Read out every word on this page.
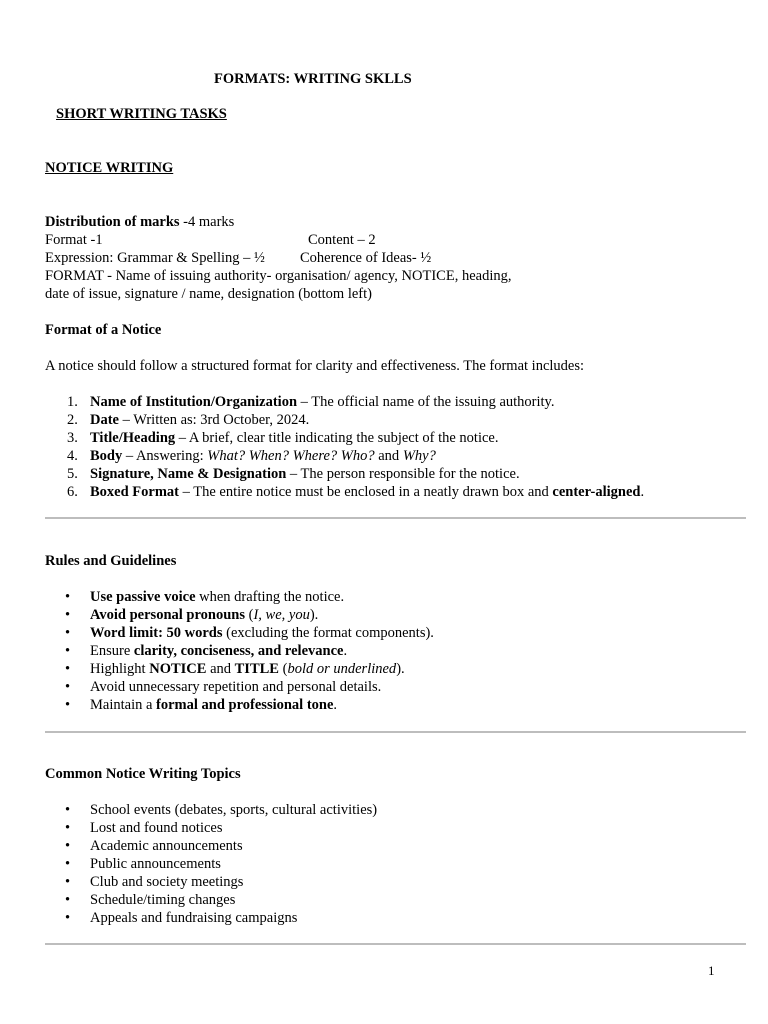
FORMATS: WRITING SKLLS
SHORT WRITING TASKS
NOTICE WRITING
Distribution of marks -4 marks
Format -1	Content – 2
Expression: Grammar & Spelling – ½ Coherence of Ideas- ½
FORMAT - Name of issuing authority- organisation/ agency, NOTICE, heading,
date of issue, signature / name, designation (bottom left)
Format of a Notice
A notice should follow a structured format for clarity and effectiveness. The format includes:
1. Name of Institution/Organization – The official name of the issuing authority.
2. Date – Written as: 3rd October, 2024.
3. Title/Heading – A brief, clear title indicating the subject of the notice.
4. Body – Answering: What? When? Where? Who? and Why?
5. Signature, Name & Designation – The person responsible for the notice.
6. Boxed Format – The entire notice must be enclosed in a neatly drawn box and center-aligned.
Rules and Guidelines
• Use passive voice when drafting the notice.
• Avoid personal pronouns (I, we, you).
• Word limit: 50 words (excluding the format components).
• Ensure clarity, conciseness, and relevance.
• Highlight NOTICE and TITLE (bold or underlined).
• Avoid unnecessary repetition and personal details.
• Maintain a formal and professional tone.
Common Notice Writing Topics
• School events (debates, sports, cultural activities)
• Lost and found notices
• Academic announcements
• Public announcements
• Club and society meetings
• Schedule/timing changes
• Appeals and fundraising campaigns
1
